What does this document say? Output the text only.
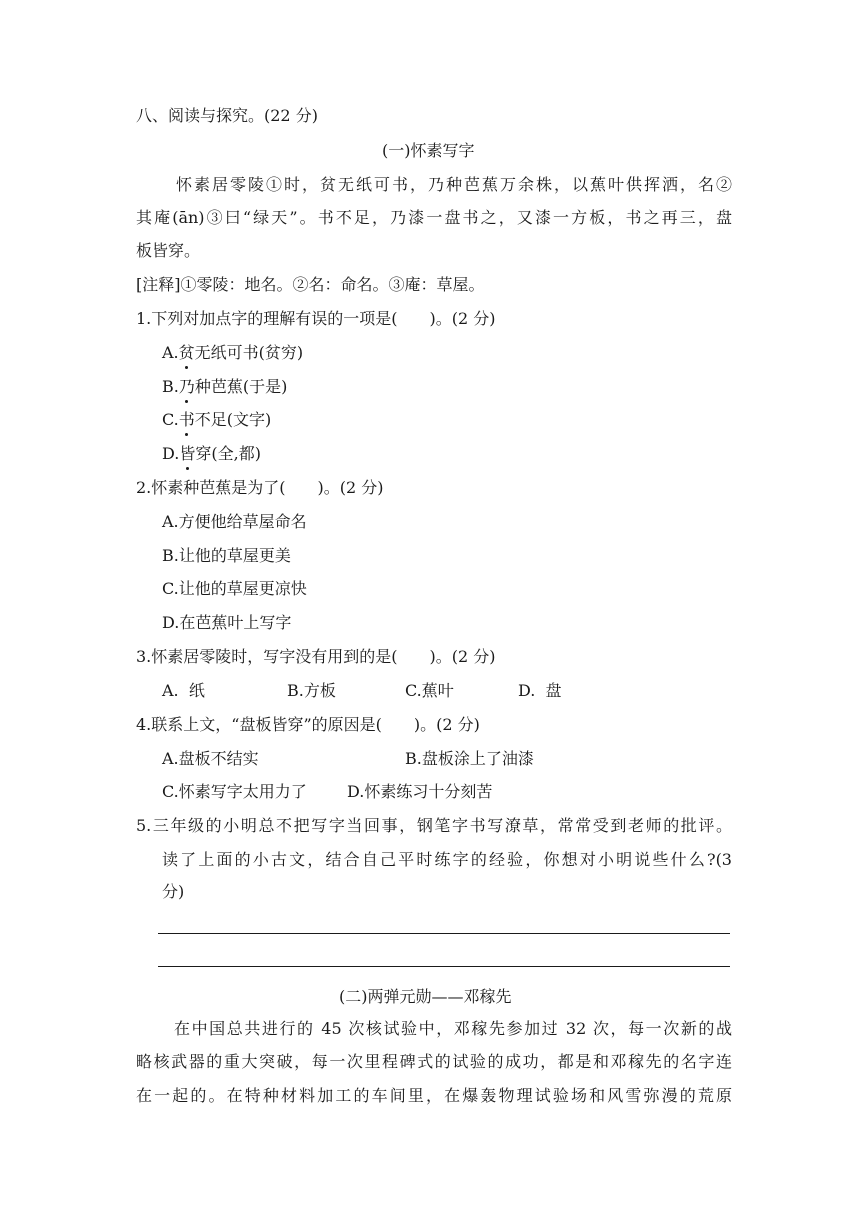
八、阅读与探究。(22 分)
(一)怀素写字
怀素居零陵①时，贫无纸可书，乃种芭蕉万余株，以蕉叶供挥洒，名②
其庵(ān)③曰“绿天”。书不足，乃漆一盘书之，又漆一方板，书之再三，盘
板皆穿。
[注释]①零陵：地名。②名：命名。③庵：草屋。
1.下列对加点字的理解有误的一项是(　　)。(2 分)
A.贫无纸可书(贫穷)
B.乃种芭蕉(于是)
C.书不足(文字)
D.皆穿(全,都)
2.怀素种芭蕉是为了(　　)。(2 分)
A.方便他给草屋命名
B.让他的草屋更美
C.让他的草屋更凉快
D.在芭蕉叶上写字
3.怀素居零陵时，写字没有用到的是(　　)。(2 分)
A.  纸	B.方板	C.蕉叶	D.  盘
4.联系上文，“盘板皆穿”的原因是(　　)。(2 分)
A.盘板不结实	B.盘板涂上了油漆
C.怀素写字太用力了	D.怀素练习十分刻苦
5.三年级的小明总不把写字当回事，钢笔字书写潦草，常常受到老师的批评。
读了上面的小古文，结合自己平时练字的经验，你想对小明说些什么?(3
分)
(二)两弹元勋——邓稼先
在中国总共进行的 45 次核试验中，邓稼先参加过 32 次，每一次新的战
略核武器的重大突破，每一次里程碑式的试验的成功，都是和邓稼先的名字连
在一起的。在特种材料加工的车间里，在爆轰物理试验场和风雪弥漫的荒原
